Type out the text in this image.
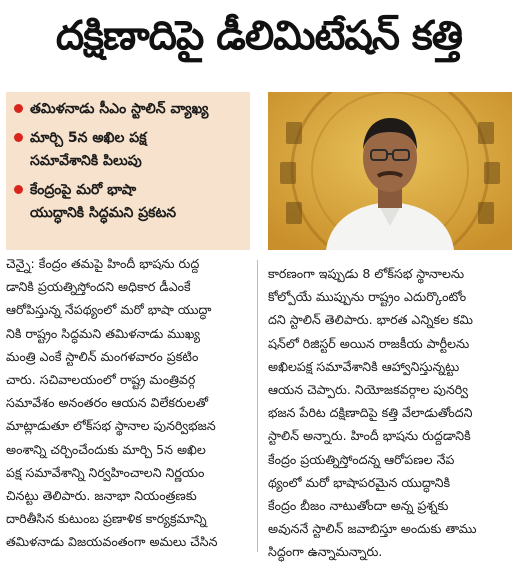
దక్షిణాదిపై డీలిమిటేషన్ కత్తి
తమిళనాడు సీఎం స్టాలిన్ వ్యాఖ్య
మార్చి 5న అఖిల పక్ష
సమావేశానికి పిలుపు
కేంద్రంపై మరో భాషా
యుద్ధానికి సిద్ధమని ప్రకటన
చెన్నై: కేంద్రం తమపై హిందీ భాషను రుద్ద
డానికి ప్రయత్నిస్తోందని అధికార డీఎంకే
ఆరోపిస్తున్న నేపథ్యంలో మరో భాషా యుద్ధా
నికి రాష్ట్రం సిద్ధమని తమిళనాడు ముఖ్య
మంత్రి ఎంకే స్టాలిన్ మంగళవారం ప్రకటిం
చారు. సచివాలయంలో రాష్ట్ర మంత్రివర్గ
సమావేశం అనంతరం ఆయన విలేకరులతో
మాట్లాడుతూ లోక్‌సభ స్థానాల పునర్విభజన
అంశాన్ని చర్చించేందుకు మార్చి 5న అఖిల
పక్ష సమావేశాన్ని నిర్వహించాలని నిర్ణయం
చినట్టు తెలిపారు. జనాభా నియంత్రణకు
దారితీసిన కుటుంబ ప్రణాళిక కార్యక్రమాన్ని
తమిళనాడు విజయవంతంగా అమలు చేసిన
కారణంగా ఇప్పుడు 8 లోక్‌సభ స్థానాలను
కోల్పోయే ముప్పును రాష్ట్రం ఎదుర్కొంటోం
దని స్టాలిన్ తెలిపారు. భారత ఎన్నికల కమి
షన్‌లో రిజిస్టర్ అయిన రాజకీయ పార్టీలను
అఖిలపక్ష సమావేశానికి ఆహ్వానిస్తున్నట్టు
ఆయన చెప్పారు. నియోజకవర్గాల పునర్వి
భజన పేరిట దక్షిణాదిపై కత్తి వేలాడుతోందని
స్టాలిన్ అన్నారు. హిందీ భాషను రుద్దడానికి
కేంద్రం ప్రయత్నిస్తోందన్న ఆరోపణల నేప
థ్యంలో మరో భాషాపరమైన యుద్ధానికి
కేంద్రం బీజం నాటుతోందా అన్న ప్రశ్నకు
అవుననే స్టాలిన్ జవాబిస్తూ అందుకు తాము
సిద్ధంగా ఉన్నామన్నారు.
